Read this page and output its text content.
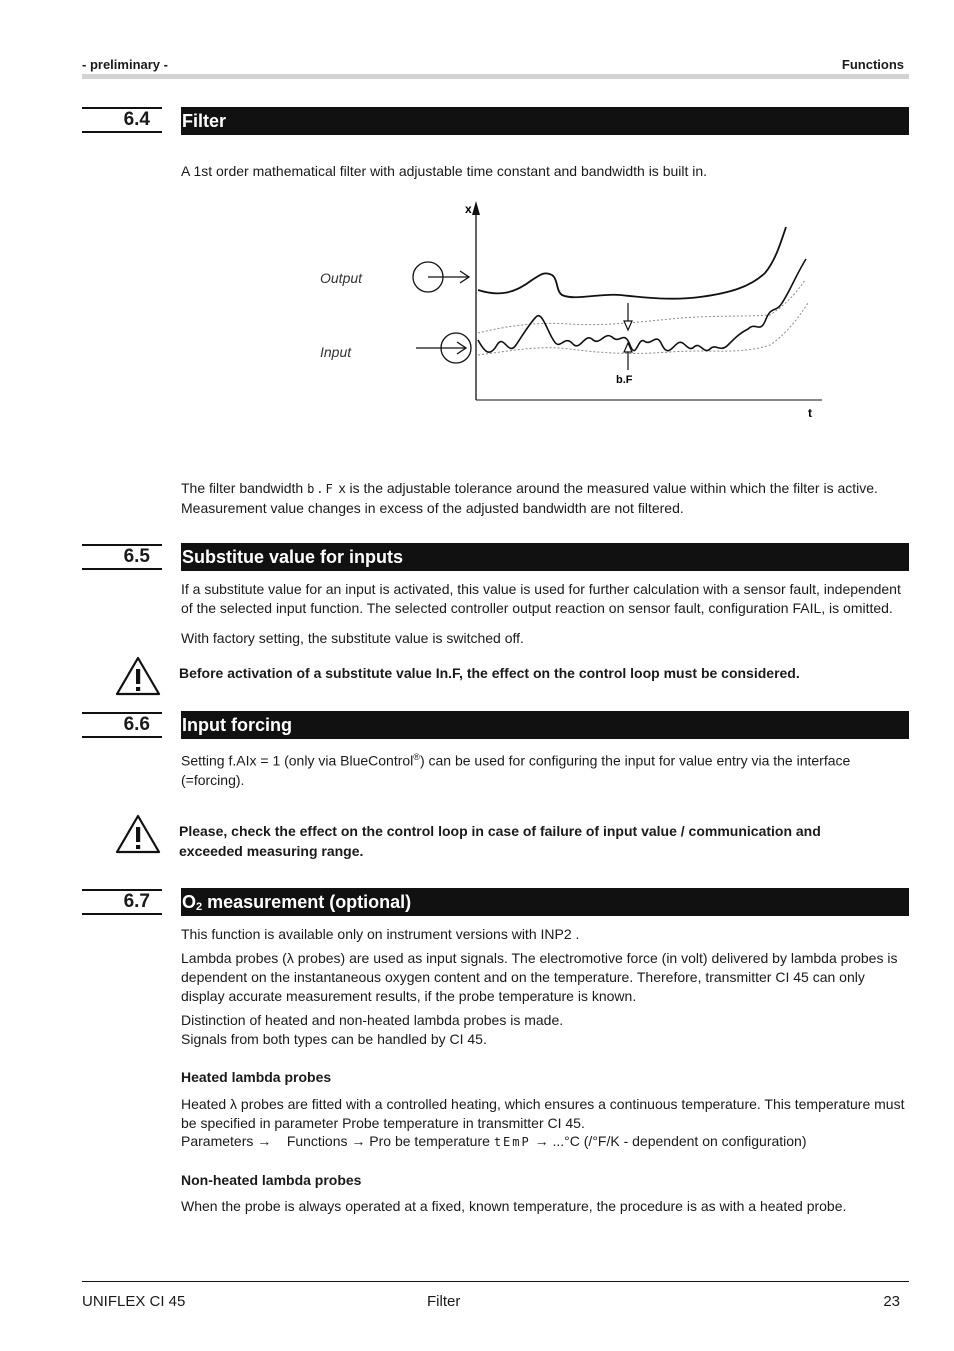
- preliminary -	Functions
6.4	Filter
A 1st order mathematical filter with adjustable time constant and bandwidth is built in.
x
t
Output
Input
b.F
The filter bandwidth b.F x is the adjustable tolerance around the measured value within which the filter is active.
Measurement value changes in excess of the adjusted bandwidth are not filtered.
6.5	Substitue value for inputs
If a substitute value for an input is activated, this value is used for further calculation with a sensor fault, independent of the selected input function. The selected controller output reaction on sensor fault, configuration FAIL, is omitted.
With factory setting, the substitute value is switched off.
Before activation of a substitute value In.F, the effect on the control loop must be considered.
6.6	Input forcing
Setting f.AIx = 1 (only via BlueControl®) can be used for configuring the input for value entry via the interface (=forcing).
Please, check the effect on the control loop in case of failure of input value / communication and exceeded measuring range.
6.7	O2 measurement (optional)
This function is available only on instrument versions with INP2 .
Lambda probes (λ probes) are used as input signals. The electromotive force (in volt) delivered by lambda probes is dependent on the instantaneous oxygen content and on the temperature. Therefore, transmitter CI 45 can only display accurate measurement results, if the probe temperature is known.
Distinction of heated and non-heated lambda probes is made.
Signals from both types can be handled by CI 45.
Heated lambda probes
Heated λ probes are fitted with a controlled heating, which ensures a continuous temperature. This temperature must be specified in parameter Probe temperature in transmitter CI 45.
Parameters → Functions → Pro be temperature tEmP → ...°C (/°F/K - dependent on configuration)
Non-heated lambda probes
When the probe is always operated at a fixed, known temperature, the procedure is as with a heated probe.
UNIFLEX CI 45	Filter	23
